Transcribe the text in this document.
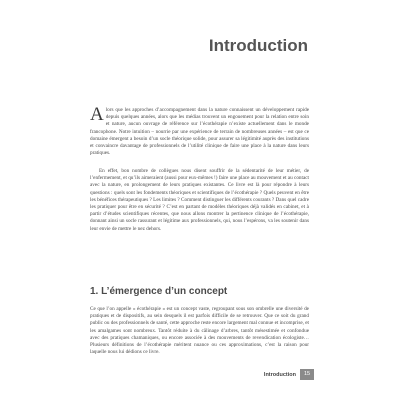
Introduction

Alors que les approches d’accompagnement dans la nature connaissent un développement rapide depuis quelques années, alors que les médias trouvent un engouement pour la relation entre soin et nature, aucun ouvrage de référence sur l’écothérapie n’existe actuellement dans le monde francophone. Notre intuition – nourrie par une expérience de terrain de nombreuses années – est que ce domaine émergent a besoin d’un socle théorique solide, pour assurer sa légitimité auprès des institutions et convaincre davantage de professionnels de l’utilité clinique de faire une place à la nature dans leurs pratiques.

En effet, bon nombre de collègues nous disent souffrir de la sédentarité de leur métier, de l’enfermement, et qu’ils aimeraient (aussi pour eux-mêmes !) faire une place au mouvement et au contact avec la nature, en prolongement de leurs pratiques existantes. Ce livre est là pour répondre à leurs questions : quels sont les fondements théoriques et scientifiques de l’écothérapie ? Quels peuvent en être les bénéfices thérapeutiques ? Les limites ? Comment distinguer les différents courants ? Dans quel cadre les pratiquer pour être en sécurité ? C’est en partant de modèles théoriques déjà validés en cabinet, et à partir d’études scientifiques récentes, que nous allons montrer la pertinence clinique de l’écothérapie, donnant ainsi un socle rassurant et légitime aux professionnels, qui, nous l’espérons, va les soutenir dans leur envie de mettre le nez dehors.

1. L’émergence d’un concept

Ce que l’on appelle « écothérapie » est un concept vaste, regroupant sous son ombrelle une diversité de pratiques et de dispositifs, au sein desquels il est parfois difficile de se retrouver. Que ce soit du grand public ou des professionnels de santé, cette approche reste encore largement mal connue et incomprise, et les amalgames sont nombreux. Tantôt réduite à du câlinage d’arbres, tantôt mésestimée et confondue avec des pratiques chamaniques, ou encore associée à des mouvements de revendication écologiste… Plusieurs définitions de l’écothérapie méritent nuance ou ces approximations, c’est la raison pour laquelle nous lui dédions ce livre.

Introduction	15
